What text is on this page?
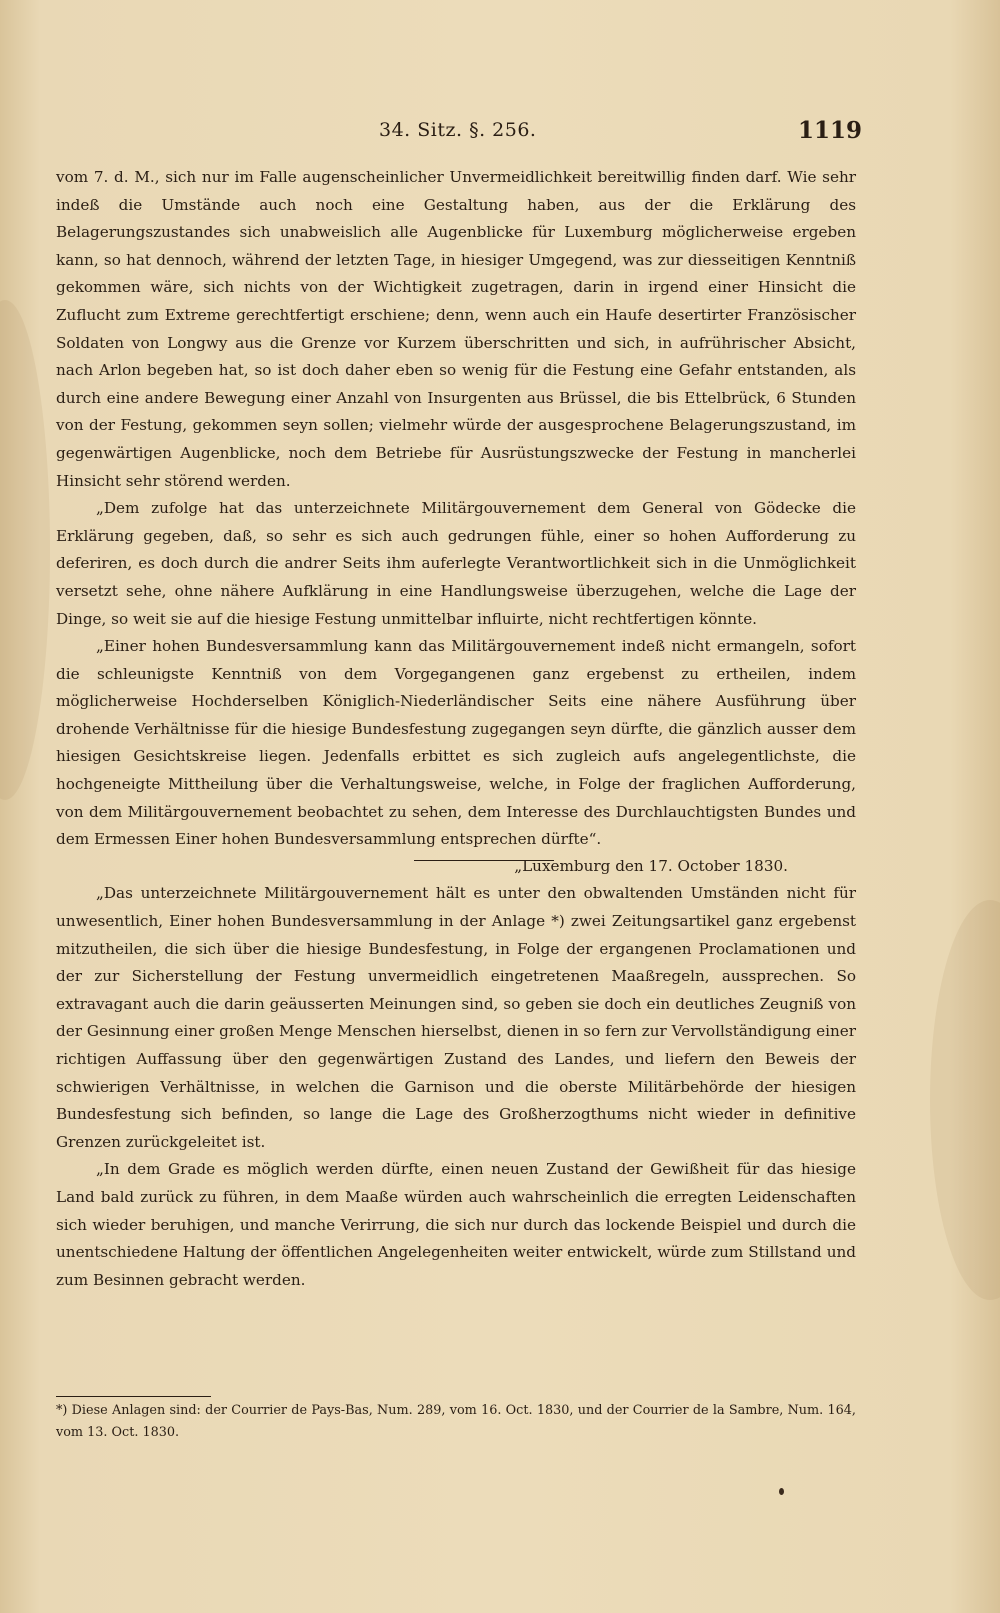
34. Sitz. §. 256.	1119

vom 7. d. M., sich nur im Falle augenscheinlicher Unvermeidlichkeit bereitwillig finden darf. Wie sehr indeß die Umstände auch noch eine Gestaltung haben, aus der die Erklärung des Belagerungszustandes sich unabweislich alle Augenblicke für Luxemburg möglicherweise ergeben kann, so hat dennoch, während der letzten Tage, in hiesiger Umgegend, was zur diesseitigen Kenntniß gekommen wäre, sich nichts von der Wichtigkeit zugetragen, darin in irgend einer Hinsicht die Zuflucht zum Extreme gerechtfertigt erschiene; denn, wenn auch ein Haufe desertirter Französischer Soldaten von Longwy aus die Grenze vor Kurzem überschritten und sich, in aufrührischer Absicht, nach Arlon begeben hat, so ist doch daher eben so wenig für die Festung eine Gefahr entstanden, als durch eine andere Bewegung einer Anzahl von Insurgenten aus Brüssel, die bis Ettelbrück, 6 Stunden von der Festung, gekommen seyn sollen; vielmehr würde der ausgesprochene Belagerungszustand, im gegenwärtigen Augenblicke, noch dem Betriebe für Ausrüstungszwecke der Festung in mancherlei Hinsicht sehr störend werden.

„Dem zufolge hat das unterzeichnete Militärgouvernement dem General von Gödecke die Erklärung gegeben, daß, so sehr es sich auch gedrungen fühle, einer so hohen Aufforderung zu deferiren, es doch durch die andrer Seits ihm auferlegte Verantwortlichkeit sich in die Unmöglichkeit versetzt sehe, ohne nähere Aufklärung in eine Handlungsweise überzugehen, welche die Lage der Dinge, so weit sie auf die hiesige Festung unmittelbar influirte, nicht rechtfertigen könnte.

„Einer hohen Bundesversammlung kann das Militärgouvernement indeß nicht ermangeln, sofort die schleunigste Kenntniß von dem Vorgegangenen ganz ergebenst zu ertheilen, indem möglicherweise Hochderselben Königlich-Niederländischer Seits eine nähere Ausführung über drohende Verhältnisse für die hiesige Bundesfestung zugegangen seyn dürfte, die gänzlich ausser dem hiesigen Gesichtskreise liegen. Jedenfalls erbittet es sich zugleich aufs angelegentlichste, die hochgeneigte Mittheilung über die Verhaltungsweise, welche, in Folge der fraglichen Aufforderung, von dem Militärgouvernement beobachtet zu sehen, dem Interesse des Durchlauchtigsten Bundes und dem Ermessen Einer hohen Bundesversammlung entsprechen dürfte“.

„Luxemburg den 17. October 1830.

„Das unterzeichnete Militärgouvernement hält es unter den obwaltenden Umständen nicht für unwesentlich, Einer hohen Bundesversammlung in der Anlage *) zwei Zeitungsartikel ganz ergebenst mitzutheilen, die sich über die hiesige Bundesfestung, in Folge der ergangenen Proclamationen und der zur Sicherstellung der Festung unvermeidlich eingetretenen Maaßregeln, aussprechen. So extravagant auch die darin geäusserten Meinungen sind, so geben sie doch ein deutliches Zeugniß von der Gesinnung einer großen Menge Menschen hierselbst, dienen in so fern zur Vervollständigung einer richtigen Auffassung über den gegenwärtigen Zustand des Landes, und liefern den Beweis der schwierigen Verhältnisse, in welchen die Garnison und die oberste Militärbehörde der hiesigen Bundesfestung sich befinden, so lange die Lage des Großherzogthums nicht wieder in definitive Grenzen zurückgeleitet ist.

„In dem Grade es möglich werden dürfte, einen neuen Zustand der Gewißheit für das hiesige Land bald zurück zu führen, in dem Maaße würden auch wahrscheinlich die erregten Leidenschaften sich wieder beruhigen, und manche Verirrung, die sich nur durch das lockende Beispiel und durch die unentschiedene Haltung der öffentlichen Angelegenheiten weiter entwickelt, würde zum Stillstand und zum Besinnen gebracht werden.

*) Diese Anlagen sind: der Courrier de Pays-Bas, Num. 289, vom 16. Oct. 1830, und der Courrier de la Sambre, Num. 164, vom 13. Oct. 1830.
